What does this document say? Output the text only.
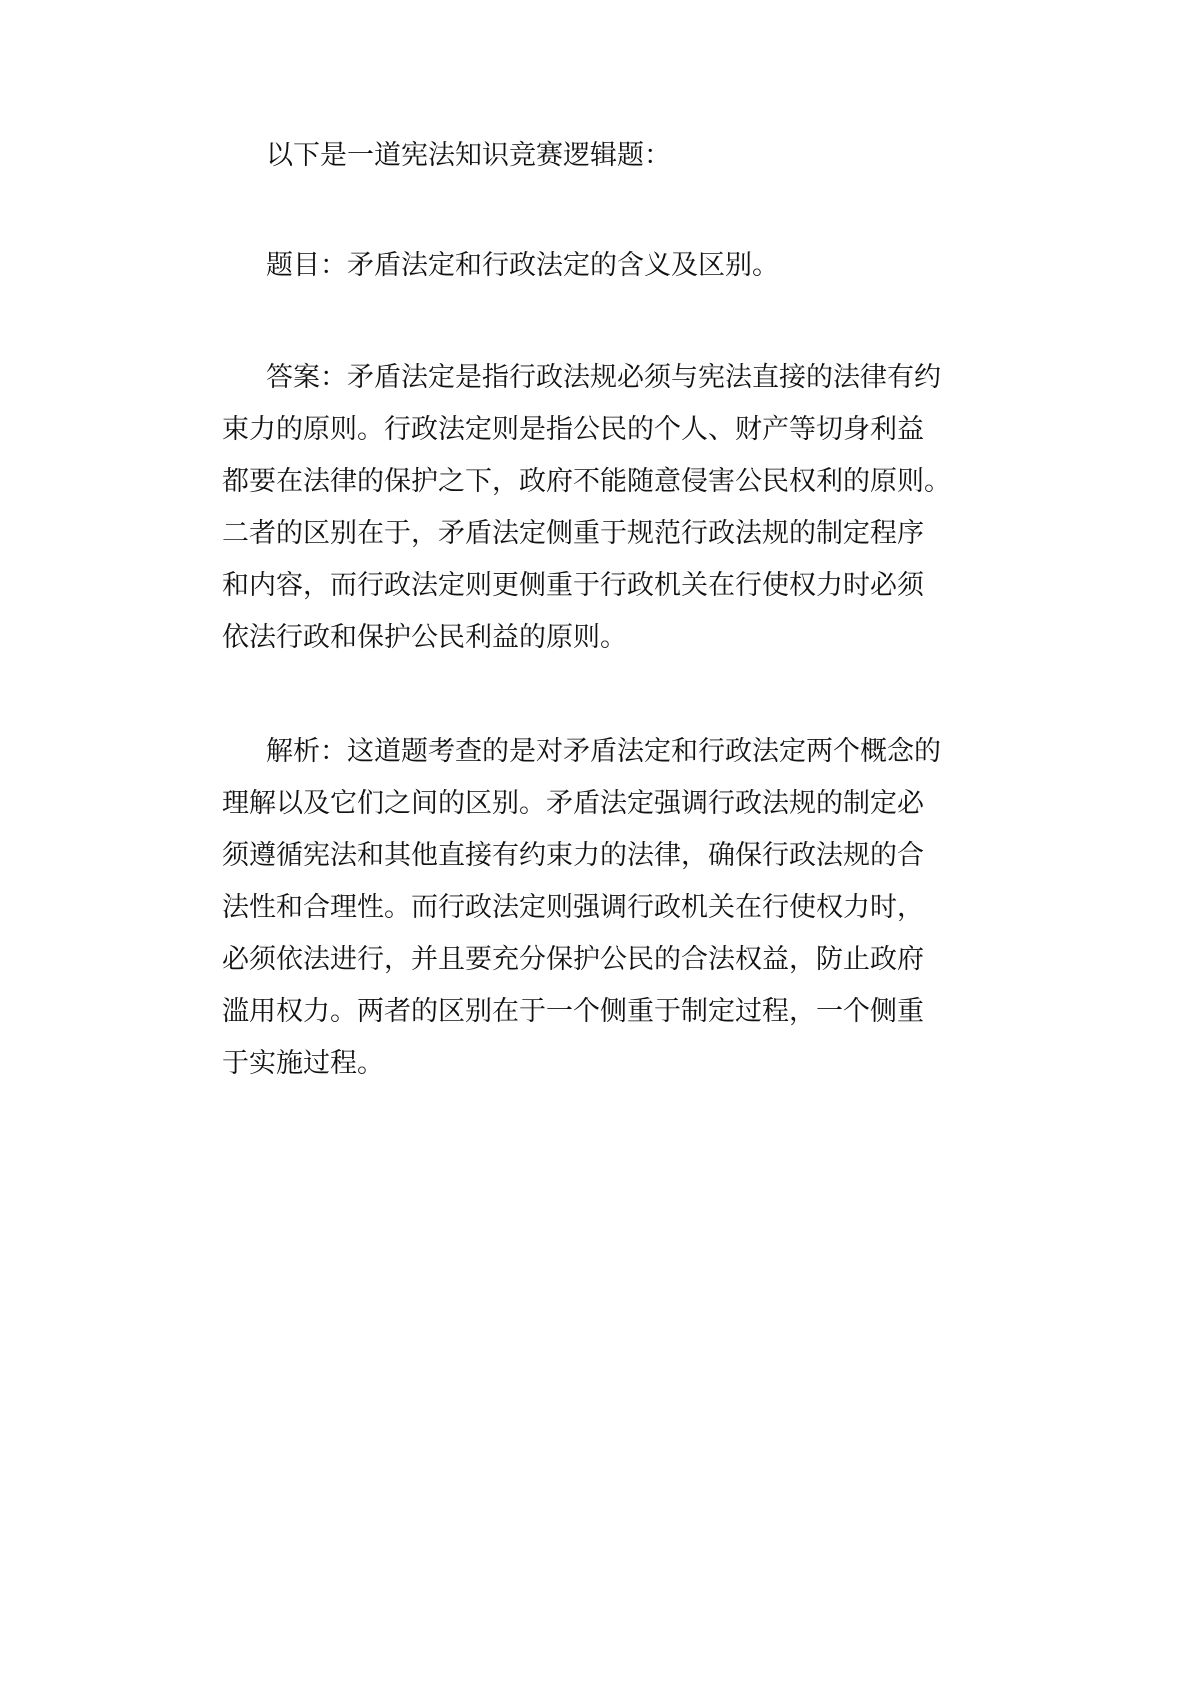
以下是一道宪法知识竞赛逻辑题：

题目：矛盾法定和行政法定的含义及区别。

答案：矛盾法定是指行政法规必须与宪法直接的法律有约
束力的原则。行政法定则是指公民的个人、财产等切身利益
都要在法律的保护之下，政府不能随意侵害公民权利的原则。
二者的区别在于，矛盾法定侧重于规范行政法规的制定程序
和内容，而行政法定则更侧重于行政机关在行使权力时必须
依法行政和保护公民利益的原则。

解析：这道题考查的是对矛盾法定和行政法定两个概念的
理解以及它们之间的区别。矛盾法定强调行政法规的制定必
须遵循宪法和其他直接有约束力的法律，确保行政法规的合
法性和合理性。而行政法定则强调行政机关在行使权力时，
必须依法进行，并且要充分保护公民的合法权益，防止政府
滥用权力。两者的区别在于一个侧重于制定过程，一个侧重
于实施过程。
